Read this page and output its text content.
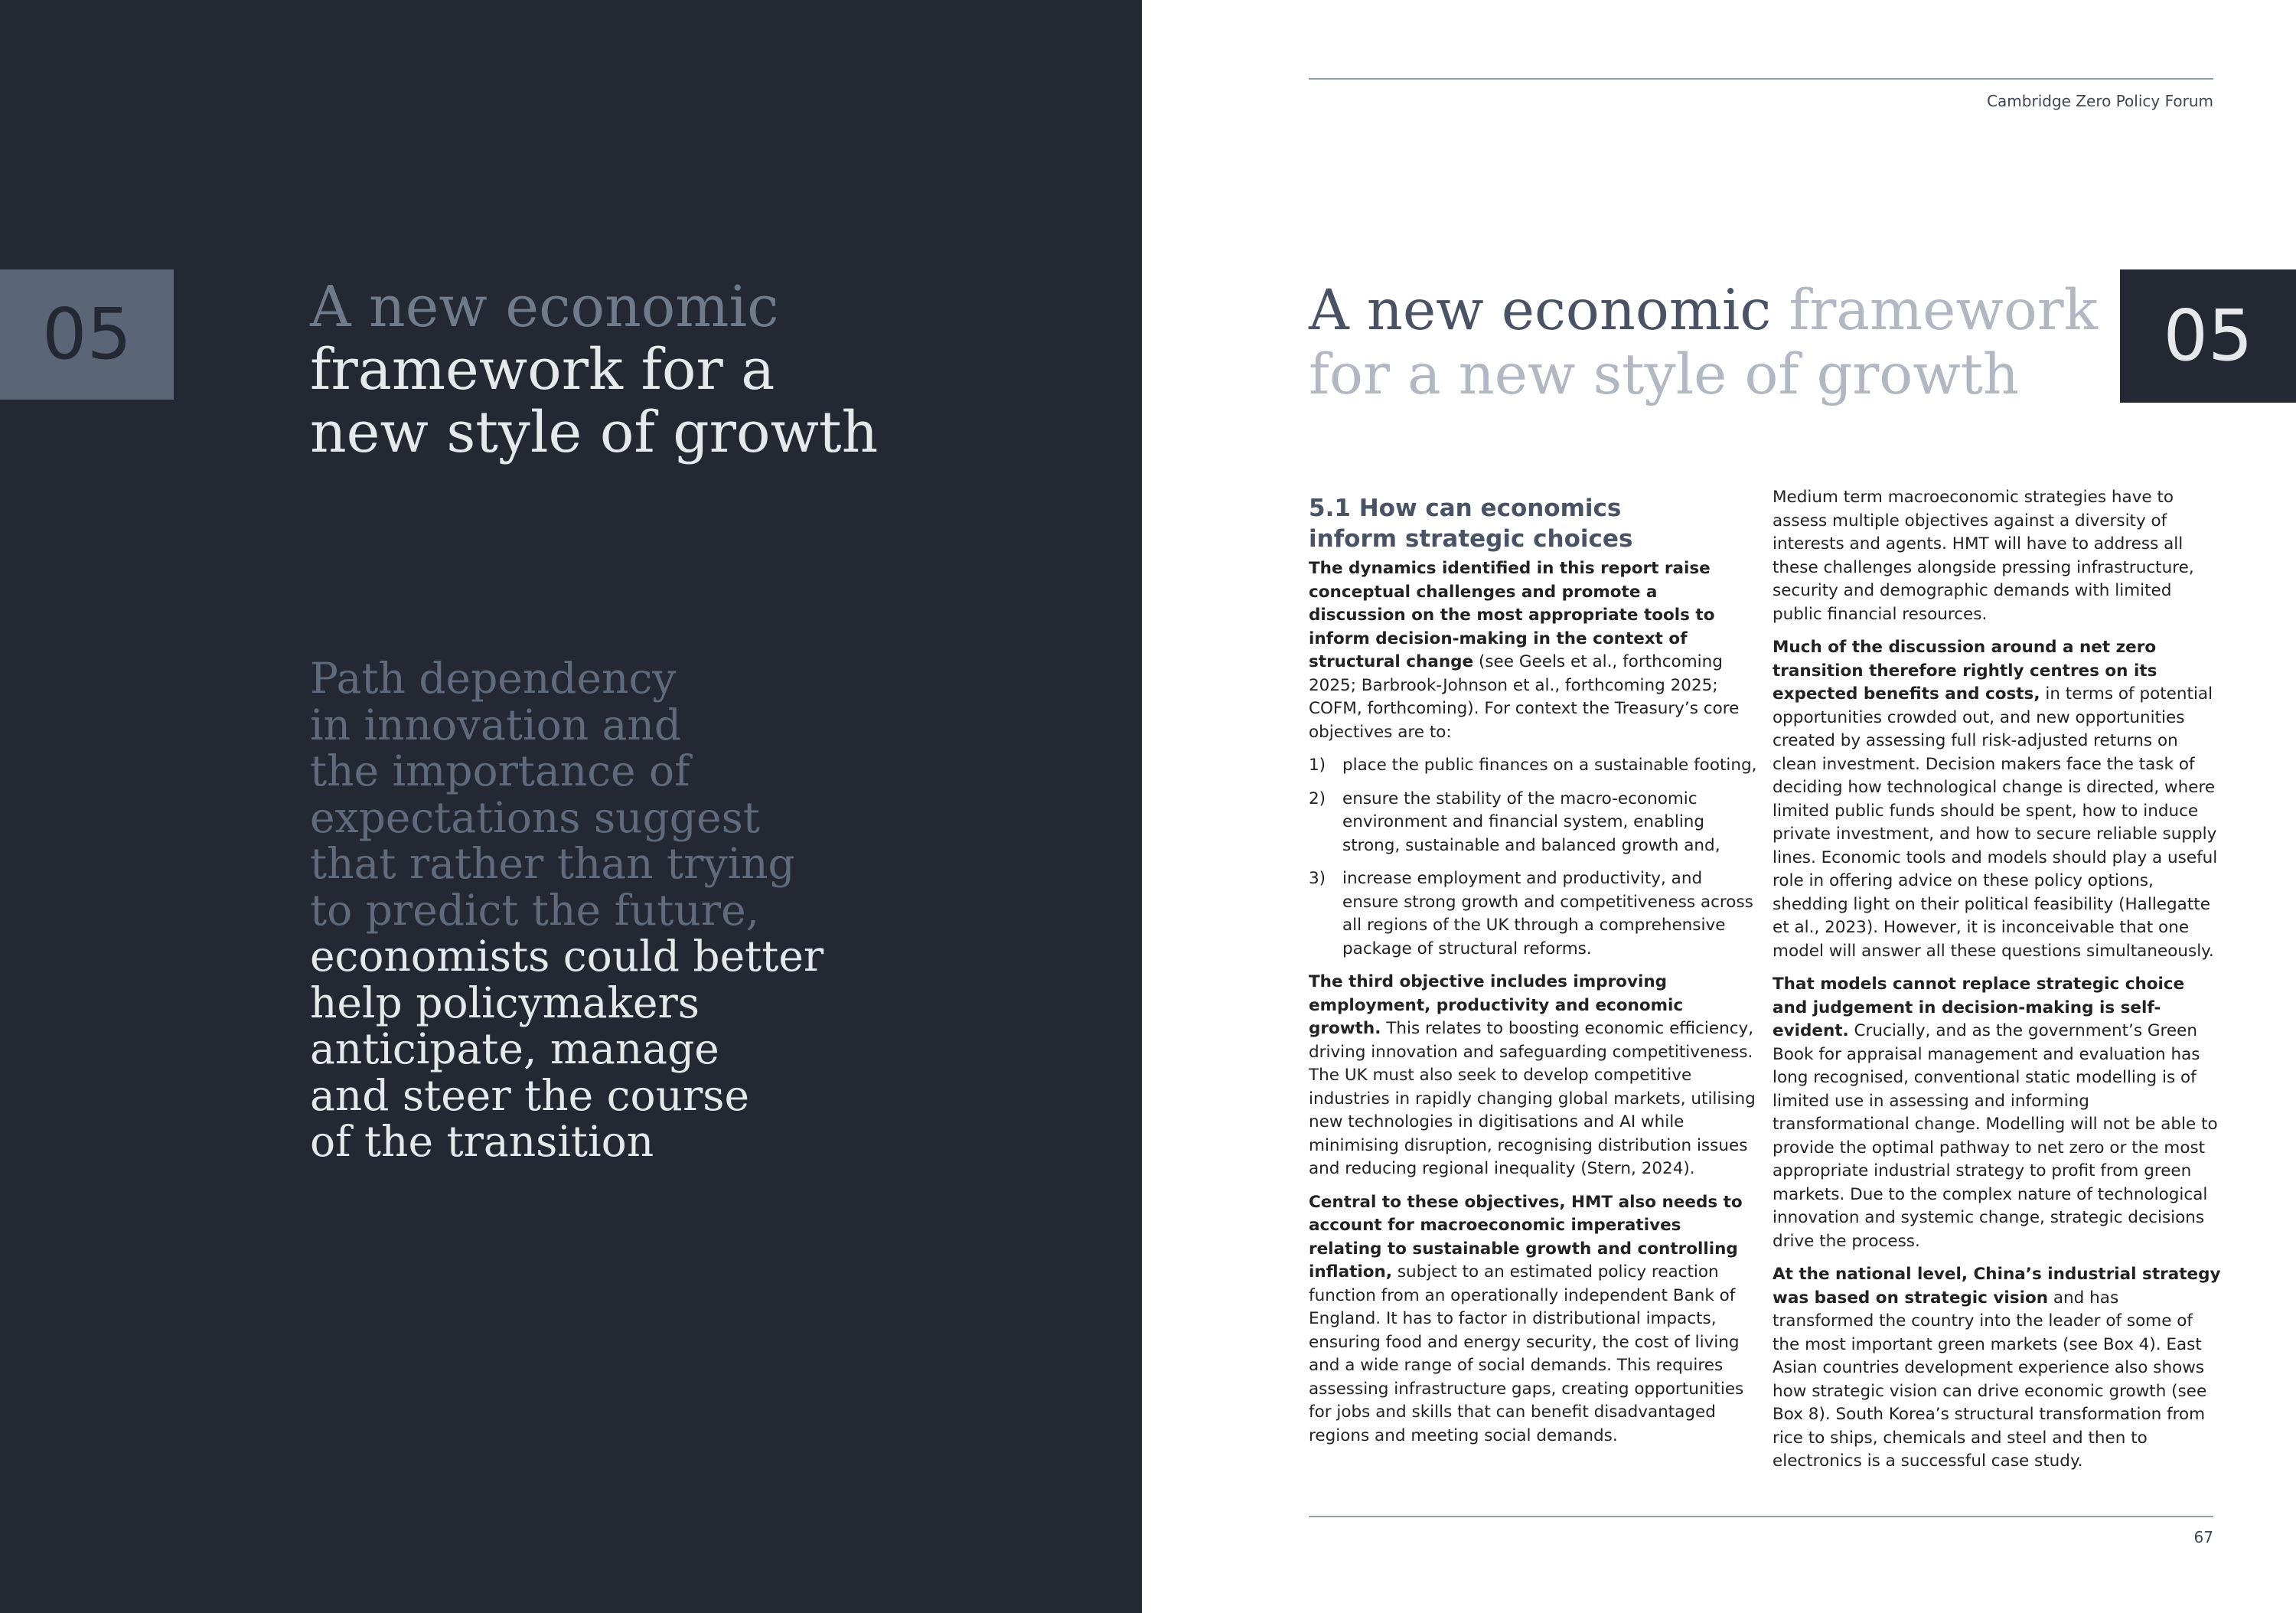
05	A new economic
framework for a
new style of growth
Path dependency
in innovation and
the importance of
expectations suggest
that rather than trying
to predict the future,
economists could better
help policymakers
anticipate, manage
and steer the course
of the transition
Cambridge Zero Policy Forum
A new economic framework
for a new style of growth	05
5.1 How can economics
inform strategic choices

The dynamics identified in this report raise conceptual challenges and promote a discussion on the most appropriate tools to inform decision-making in the context of structural change (see Geels et al., forthcoming 2025; Barbrook-Johnson et al., forthcoming 2025; COFM, forthcoming). For context the Treasury’s core objectives are to:

1)	place the public finances on a sustainable footing,
2)	ensure the stability of the macro-economic environment and financial system, enabling strong, sustainable and balanced growth and,
3)	increase employment and productivity, and ensure strong growth and competitiveness across all regions of the UK through a comprehensive package of structural reforms.

The third objective includes improving employment, productivity and economic growth. This relates to boosting economic efficiency, driving innovation and safeguarding competitiveness. The UK must also seek to develop competitive industries in rapidly changing global markets, utilising new technologies in digitisations and AI while minimising disruption, recognising distribution issues and reducing regional inequality (Stern, 2024).

Central to these objectives, HMT also needs to account for macroeconomic imperatives relating to sustainable growth and controlling inflation, subject to an estimated policy reaction function from an operationally independent Bank of England. It has to factor in distributional impacts, ensuring food and energy security, the cost of living and a wide range of social demands. This requires assessing infrastructure gaps, creating opportunities for jobs and skills that can benefit disadvantaged regions and meeting social demands.

Medium term macroeconomic strategies have to assess multiple objectives against a diversity of interests and agents. HMT will have to address all these challenges alongside pressing infrastructure, security and demographic demands with limited public financial resources.

Much of the discussion around a net zero transition therefore rightly centres on its expected benefits and costs, in terms of potential opportunities crowded out, and new opportunities created by assessing full risk-adjusted returns on clean investment. Decision makers face the task of deciding how technological change is directed, where limited public funds should be spent, how to induce private investment, and how to secure reliable supply lines. Economic tools and models should play a useful role in offering advice on these policy options, shedding light on their political feasibility (Hallegatte et al., 2023). However, it is inconceivable that one model will answer all these questions simultaneously.

That models cannot replace strategic choice and judgement in decision-making is self-evident. Crucially, and as the government’s Green Book for appraisal management and evaluation has long recognised, conventional static modelling is of limited use in assessing and informing transformational change. Modelling will not be able to provide the optimal pathway to net zero or the most appropriate industrial strategy to profit from green markets. Due to the complex nature of technological innovation and systemic change, strategic decisions drive the process.

At the national level, China’s industrial strategy was based on strategic vision and has transformed the country into the leader of some of the most important green markets (see Box 4). East Asian countries development experience also shows how strategic vision can drive economic growth (see Box 8). South Korea’s structural transformation from rice to ships, chemicals and steel and then to electronics is a successful case study.

67
